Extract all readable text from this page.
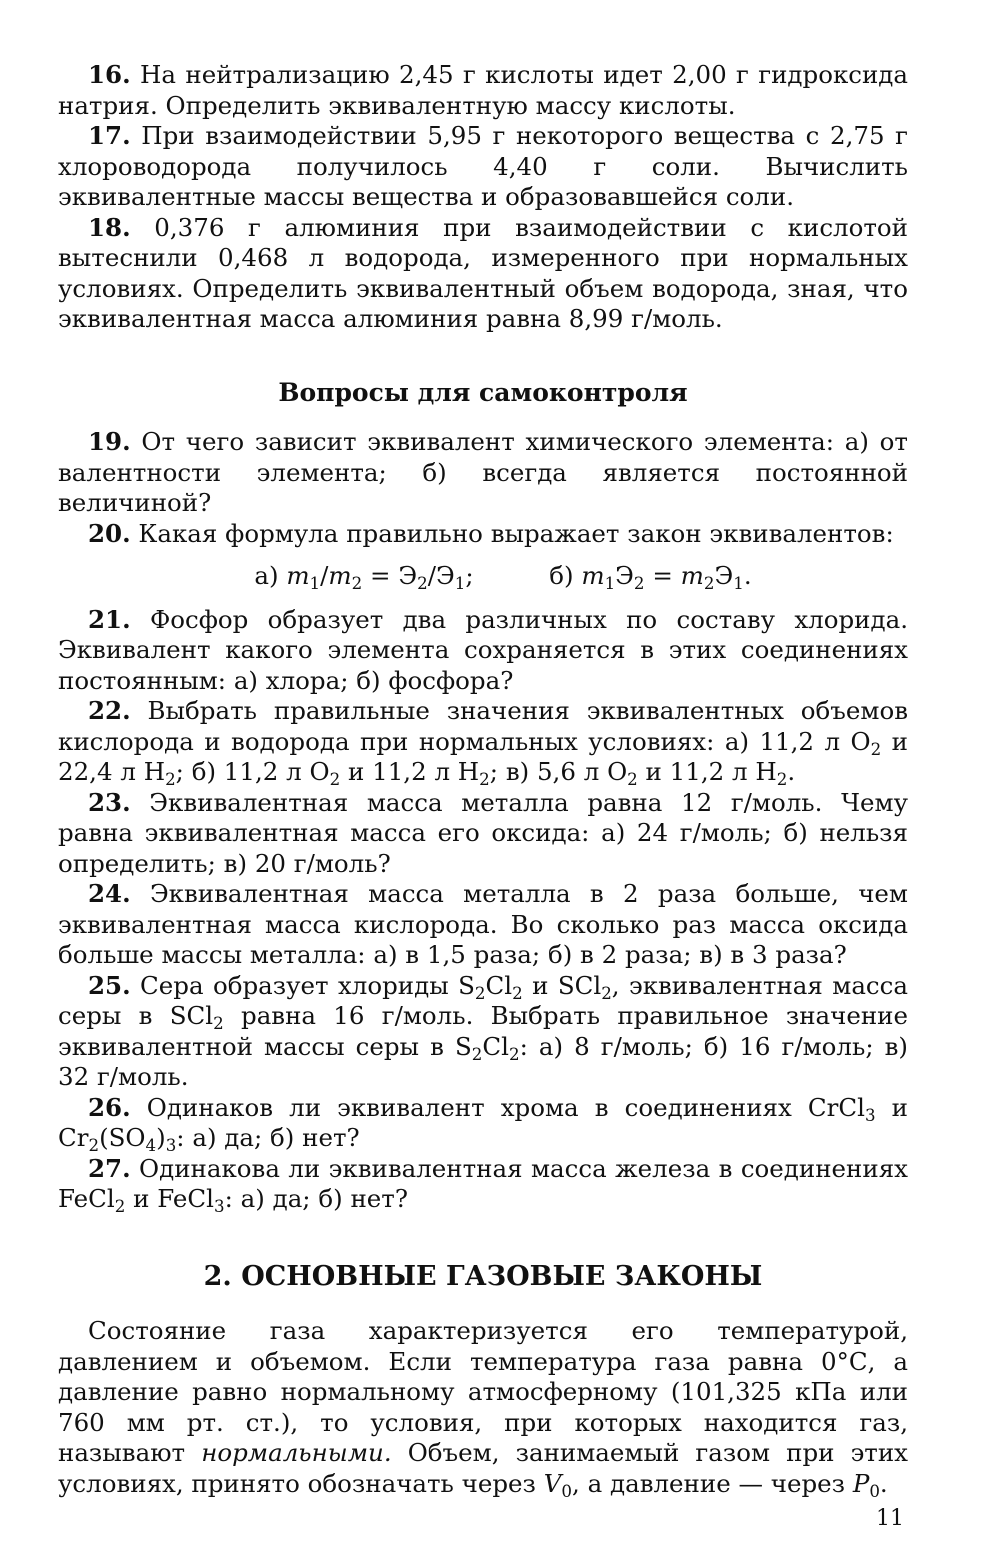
16. На нейтрализацию 2,45 г кислоты идет 2,00 г гидроксида натрия. Определить эквивалентную массу кислоты.

17. При взаимодействии 5,95 г некоторого вещества с 2,75 г хлороводорода получилось 4,40 г соли. Вычислить эквивалентные массы вещества и образовавшейся соли.

18. 0,376 г алюминия при взаимодействии с кислотой вытеснили 0,468 л водорода, измеренного при нормальных условиях. Определить эквивалентный объем водорода, зная, что эквивалентная масса алюминия равна 8,99 г/моль.

Вопросы для самоконтроля

19. От чего зависит эквивалент химического элемента: а) от валентности элемента; б) всегда является постоянной величиной?

20. Какая формула правильно выражает закон эквивалентов:

а) $m_1/m_2 = Э_2/Э_1$;	б) $m_1Э_2 = m_2Э_1$.

21. Фосфор образует два различных по составу хлорида. Эквивалент какого элемента сохраняется в этих соединениях постоянным: а) хлора; б) фосфора?

22. Выбрать правильные значения эквивалентных объемов кислорода и водорода при нормальных условиях: а) 11,2 л $O_2$ и 22,4 л $H_2$; б) 11,2 л $O_2$ и 11,2 л $H_2$; в) 5,6 л $O_2$ и 11,2 л $H_2$.

23. Эквивалентная масса металла равна 12 г/моль. Чему равна эквивалентная масса его оксида: а) 24 г/моль; б) нельзя определить; в) 20 г/моль?

24. Эквивалентная масса металла в 2 раза больше, чем эквивалентная масса кислорода. Во сколько раз масса оксида больше массы металла: а) в 1,5 раза; б) в 2 раза; в) в 3 раза?

25. Сера образует хлориды $S_2Cl_2$ и SCl$_2$, эквивалентная масса серы в SCl$_2$ равна 16 г/моль. Выбрать правильное значение эквивалентной массы серы в $S_2Cl_2$: а) 8 г/моль; б) 16 г/моль; в) 32 г/моль.

26. Одинаков ли эквивалент хрома в соединениях CrCl$_3$ и $Cr_2(SO_4)_3$: а) да; б) нет?

27. Одинакова ли эквивалентная масса железа в соединениях FeCl$_2$ и FeCl$_3$: а) да; б) нет?

2. ОСНОВНЫЕ ГАЗОВЫЕ ЗАКОНЫ

Состояние газа характеризуется его температурой, давлением и объемом. Если температура газа равна 0°С, а давление равно нормальному атмосферному (101,325 кПа или 760 мм рт. ст.), то условия, при которых находится газ, называют нормальными. Объем, занимаемый газом при этих условиях, принято обозначать через $V_0$, а давление — через $P_0$.

11
